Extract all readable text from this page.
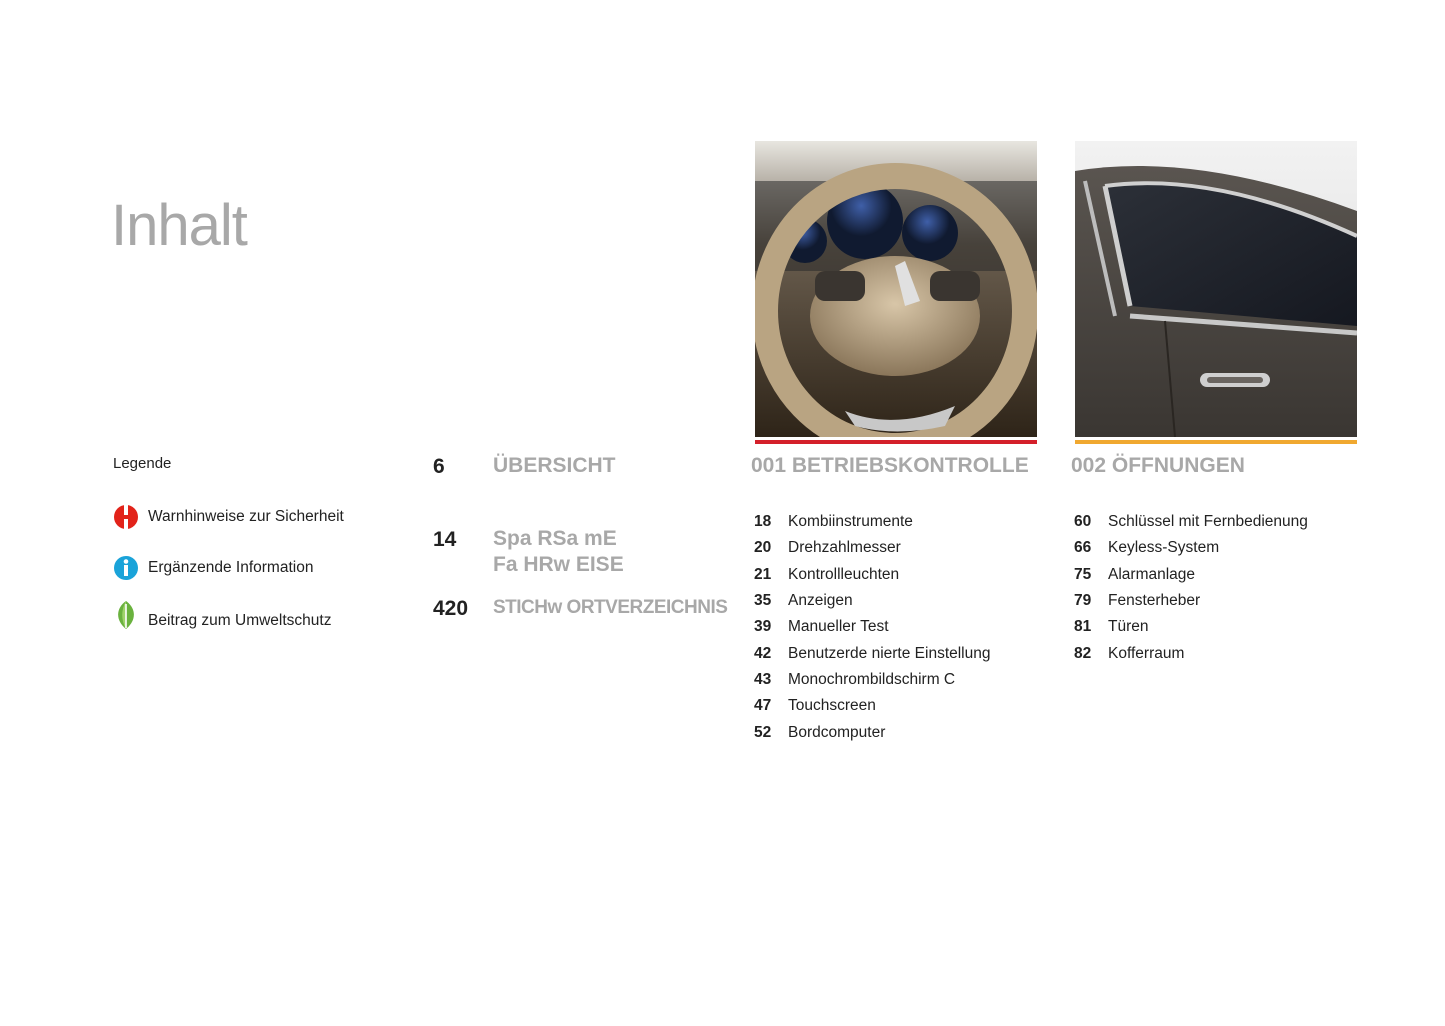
Inhalt
Legende
Warnhinweise zur Sicherheit
Ergänzende Information
Beitrag zum Umweltschutz
6 ÜBERSICHT
14 Spa RSa mE
Fa HRw EISE
420 STICHw ORTVERZEICHNIS
001 BETRIEBSKONTROLLE
18	Kombiinstrumente
20	Drehzahlmesser
21	Kontrollleuchten
35	Anzeigen
39	Manueller Test
42	Benutzerde nierte Einstellung
43	Monochrombildschirm C
47	Touchscreen
52	Bordcomputer
002 ÖFFNUNGEN
60	Schlüssel mit Fernbedienung
66	Keyless-System
75	Alarmanlage
79	Fensterheber
81	Türen
82	Kofferraum
